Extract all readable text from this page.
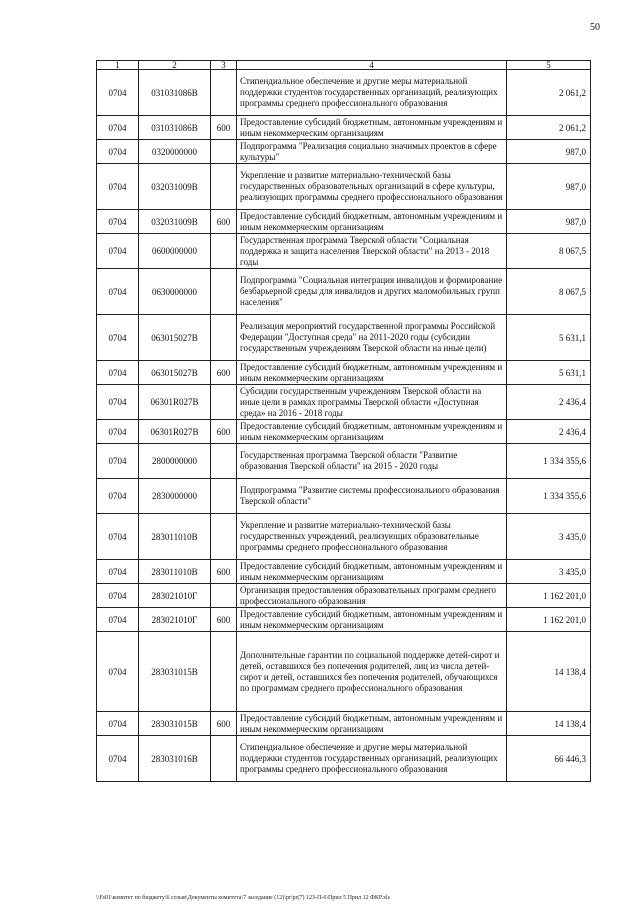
50
1	2	3	4	5
0704	031031086В		Стипендиальное обеспечение и другие меры материальной поддержки студентов государственных организаций, реализующих программы среднего профессионального образования	2 061,2
0704	031031086В	600	Предоставление субсидий бюджетным, автономным учреждениям и иным некоммерческим организациям	2 061,2
0704	0320000000		Подпрограмма "Реализация социально значимых проектов в сфере культуры"	987,0
0704	032031009В		Укрепление и развитие материально-технической базы государственных образовательных организаций в сфере культуры, реализующих программы среднего профессионального образования	987,0
0704	032031009В	600	Предоставление субсидий бюджетным, автономным учреждениям и иным некоммерческим организациям	987,0
0704	0600000000		Государственная программа Тверской области "Социальная поддержка и защита населения Тверской области" на 2013 - 2018 годы	8 067,5
0704	0630000000		Подпрограмма "Социальная интеграция инвалидов и формирование безбарьерной среды для инвалидов и других маломобильных групп населения"	8 067,5
0704	063015027В		Реализация мероприятий государственной программы Российской Федерации "Доступная среда" на 2011-2020 годы (субсидии государственным учреждениям Тверской области на иные цели)	5 631,1
0704	063015027В	600	Предоставление субсидий бюджетным, автономным учреждениям и иным некоммерческим организациям	5 631,1
0704	06301R027В		Субсидии государственным учреждениям Тверской области на иные цели в рамках программы Тверской области «Доступная среда» на 2016 - 2018 годы	2 436,4
0704	06301R027В	600	Предоставление субсидий бюджетным, автономным учреждениям и иным некоммерческим организациям	2 436,4
0704	2800000000		Государственная программа Тверской области "Развитие образования Тверской области" на 2015 - 2020 годы	1 334 355,6
0704	2830000000		Подпрограмма "Развитие системы профессионального образования Тверской области"	1 334 355,6
0704	283011010В		Укрепление и развитие материально-технической базы государственных учреждений, реализующих образовательные программы среднего профессионального образования	3 435,0
0704	283011010В	600	Предоставление субсидий бюджетным, автономным учреждениям и иным некоммерческим организациям	3 435,0
0704	283021010Г		Организация предоставления образовательных программ среднего профессионального образования	1 162 201,0
0704	283021010Г	600	Предоставление субсидий бюджетным, автономным учреждениям и иным некоммерческим организациям	1 162 201,0
0704	283031015В		Дополнительные гарантии по социальной поддержке детей-сирот и детей, оставшихся без попечения родителей, лиц из числа детей-сирот и детей, оставшихся без попечения родителей, обучающихся по программам среднего профессионального образования	14 138,4
0704	283031015В	600	Предоставление субсидий бюджетным, автономным учреждениям и иным некоммерческим организациям	14 138,4
0704	283031016В		Стипендиальное обеспечение и другие меры материальной поддержки студентов государственных организаций, реализующих программы среднего профессионального образования	66 446,3
\\Fs01\комитет по бюджету\6 созыв\Документы комитета\7 заседание (12)\pr\pr(7) 123-П-6\Прил 5 Прил 12 ФКР.xls
